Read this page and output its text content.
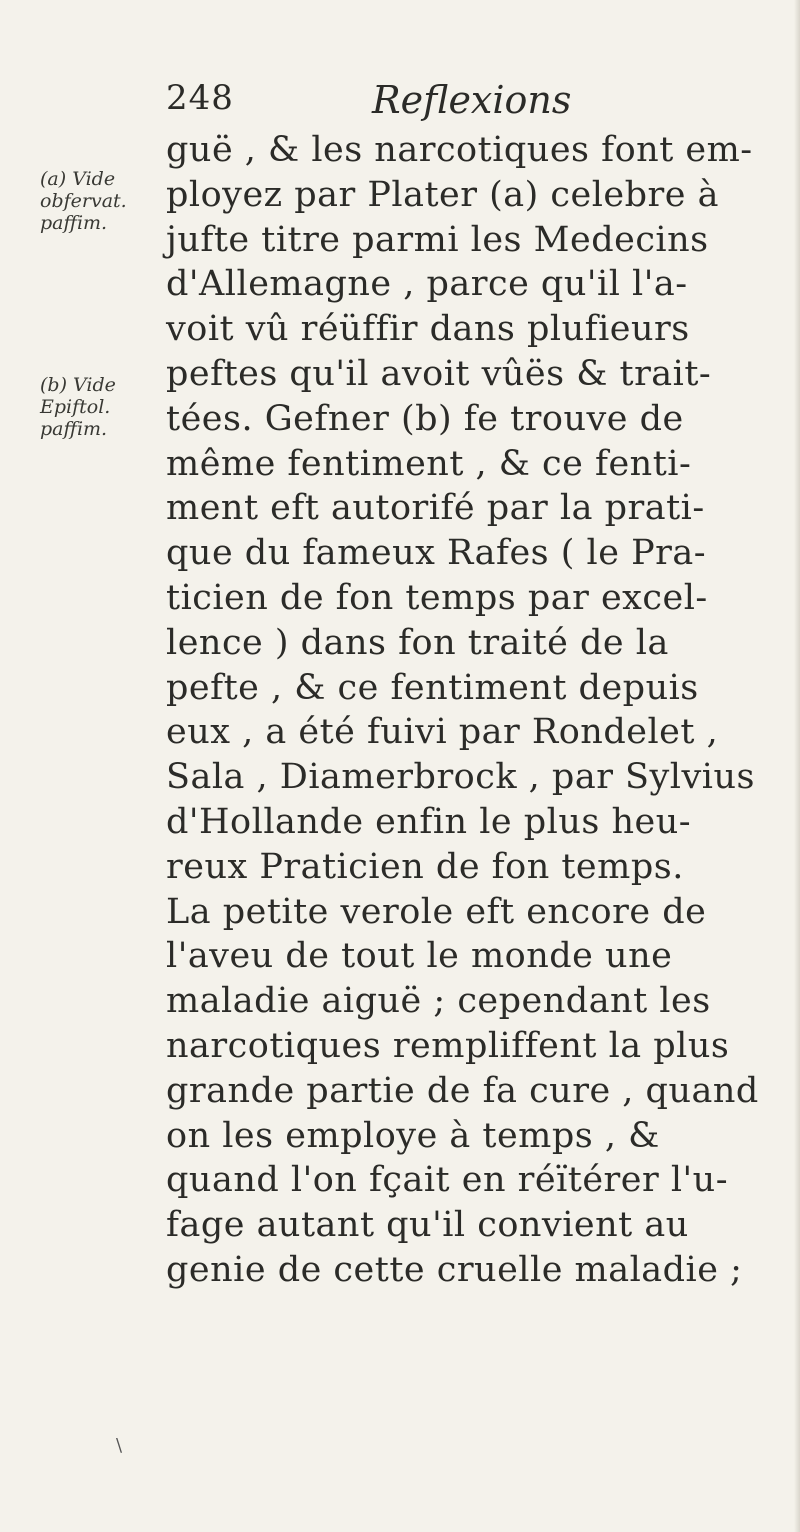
248	Reflexions
(a) Vide
obfervat.
paffim.
(b) Vide
Epiftol.
paffim.
guë , & les narcotiques font em-
ployez par Plater (a) celebre à
jufte titre parmi les Medecins
d'Allemagne , parce qu'il l'a-
voit vû réüffir dans plufieurs
peftes qu'il avoit vûës & trait-
tées. Gefner (b) fe trouve de
même fentiment , & ce fenti-
ment eft autorifé par la prati-
que du fameux Rafes ( le Pra-
ticien de fon temps par excel-
lence ) dans fon traité de la
pefte , & ce fentiment depuis
eux , a été fuivi par Rondelet ,
Sala , Diamerbrock , par Sylvius
d'Hollande enfin le plus heu-
reux Praticien de fon temps.
La petite verole eft encore de
l'aveu de tout le monde une
maladie aiguë ; cependant les
narcotiques rempliffent la plus
grande partie de fa cure , quand
on les employe à temps , &
quand l'on fçait en réïtérer l'u-
fage autant qu'il convient au
genie de cette cruelle maladie ;
\
